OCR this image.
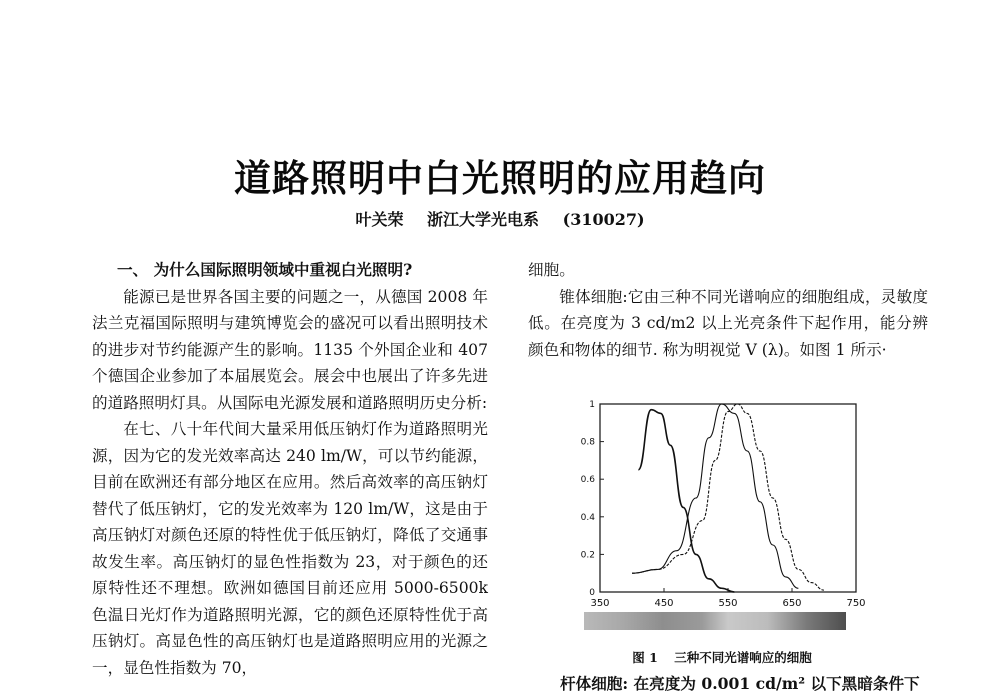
道路照明中白光照明的应用趋向
叶关荣 浙江大学光电系 (310027)

一、 为什么国际照明领域中重视白光照明?

能源已是世界各国主要的问题之一，从德国 2008 年法兰克福国际照明与建筑博览会的盛况可以看出照明技术的进步对节约能源产生的影响。1135 个外国企业和 407 个德国企业参加了本届展览会。展会中也展出了许多先进的道路照明灯具。从国际电光源发展和道路照明历史分析:

在七、八十年代间大量采用低压钠灯作为道路照明光源，因为它的发光效率高达 240 lm/W，可以节约能源，目前在欧洲还有部分地区在应用。然后高效率的高压钠灯替代了低压钠灯，它的发光效率为 120 lm/W，这是由于高压钠灯对颜色还原的特性优于低压钠灯，降低了交通事故发生率。高压钠灯的显色性指数为 23，对于颜色的还原特性还不理想。欧洲如德国目前还应用 5000-6500k 色温日光灯作为道路照明光源，它的颜色还原特性优于高压钠灯。高显色性的高压钠灯也是道路照明应用的光源之一，显色性指数为 70，

细胞。

锥体细胞:它由三种不同光谱响应的细胞组成，灵敏度低。在亮度为 3 cd/m2 以上光亮条件下起作用，能分辨颜色和物体的细节. 称为明视觉 V (λ)。如图 1 所示·

0
0.2
0.4
0.6
0.8
1
350	450	550	650	750
图 1 三种不同光谱响应的细胞
杆体细胞: 在亮度为 0.001 cd/m² 以下黑暗条件下
